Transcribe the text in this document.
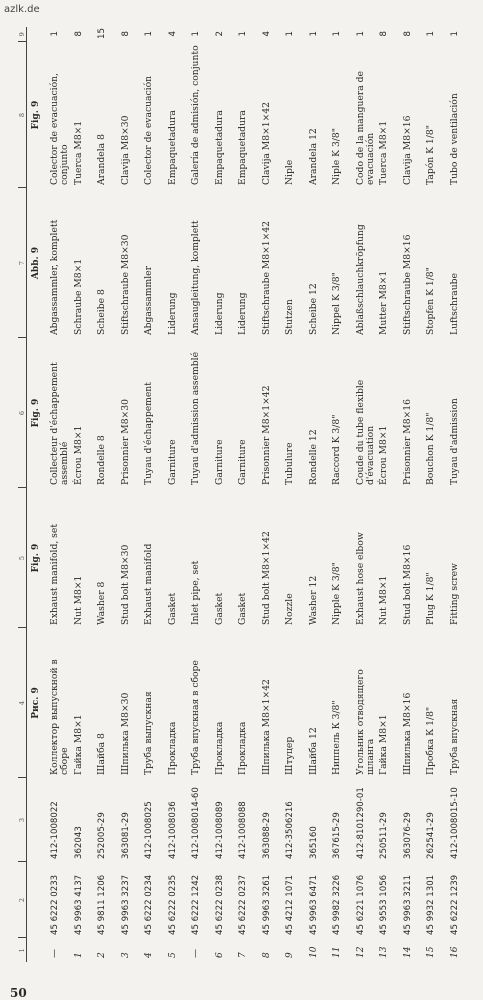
azlk.de
1	2	3	4	5	6	7	8	9
			Рис. 9	Fig. 9	Fig. 9	Abb. 9	Fig. 9	
—	45 6222 0233	412-1008022	Коллектор выпускной в сборе	Exhaust manifold, set	Collecteur d'échappement assemblé	Abgassammler, komplett	Colector de evacuación, conjunto	1
1	45 9963 4137	362043	Гайка М8×1	Nut M8×1	Écrou M8×1	Schraube M8×1	Tuerca M8×1	8
2	45 9811 1206	252005-29	Шайба 8	Washer 8	Rondelle 8	Scheibe 8	Arandela 8	15
3	45 9963 3237	363081-29	Шпилька М8×30	Stud bolt M8×30	Prisonnier M8×30	Stiftschraube M8×30	Clavija M8×30	8
4	45 6222 0234	412-1008025	Труба выпускная	Exhaust manifold	Tuyau d'échappement	Abgassammler	Colector de evacuación	1
5	45 6222 0235	412-1008036	Прокладка	Gasket	Garniture	Liderung	Empaquetadura	4
—	45 6222 1242	412-1008014-60	Труба впускная в сборе	Inlet pipe, set	Tuyau d'admission assemblé	Ansaugleitung, komplett	Galería de admisión, conjunto	1
6	45 6222 0238	412-1008089	Прокладка	Gasket	Garniture	Liderung	Empaquetadura	2
7	45 6222 0237	412-1008088	Прокладка	Gasket	Garniture	Liderung	Empaquetadura	1
8	45 9963 3261	363088-29	Шпилька М8×1×42	Stud bolt M8×1×42	Prisonnier M8×1×42	Stiftschraube M8×1×42	Clavija M8×1×42	4
9	45 4212 1071	412-3506216	Штуцер	Nozzle	Tubulure	Stutzen	Niple	1
10	45 9963 6471	365160	Шайба 12	Washer 12	Rondelle 12	Scheibe 12	Arandela 12	1
11	45 9982 3226	367615-29	Ниппель К 3/8"	Nipple K 3/8"	Raccord K 3/8"	Nippel K 3/8"	Niple K 3/8"	1
12	45 6221 1076	412-8101290-01	Угольник отводящего шланга	Exhaust hose elbow	Coude du tube flexible d'évacuation	Ablaßschlauchkröpfung	Codo de la manguera de evacuación	1
13	45 9553 1056	250511-29	Гайка М8×1	Nut M8×1	Écrou M8×1	Mutter M8×1	Tuerca M8×1	8
14	45 9963 3211	363076-29	Шпилька М8×16	Stud bolt M8×16	Prisonnier M8×16	Stiftschraube M8×16	Clavija M8×16	8
15	45 9932 1301	262541-29	Пробка К 1/8"	Plug K 1/8"	Bouchon K 1/8"	Stopfen K 1/8"	Tapón K 1/8"	1
16	45 6222 1239	412-1008015-10	Труба впускная	Fitting screw	Tuyau d'admission	Luftschraube	Tubo de ventilación	1
50
